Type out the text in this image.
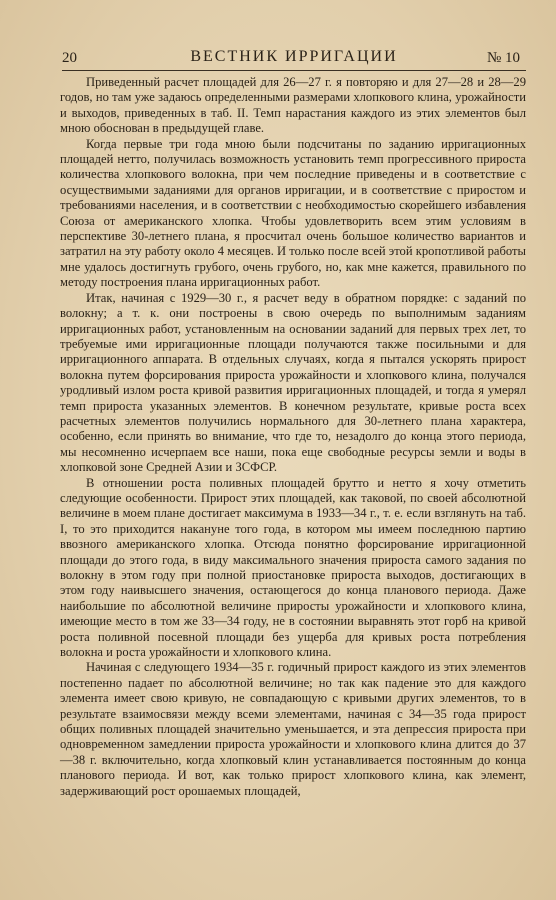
20	ВЕСТНИК ИРРИГАЦИИ	№ 10

Приведенный расчет площадей для 26—27 г. я повторяю и для 27—28 и 28—29 годов, но там уже задаюсь определенными размерами хлопкового клина, урожайности и выходов, приведенных в таб. II. Темп нарастания каждого из этих элементов был мною обоснован в предыдущей главе.

Когда первые три года мною были подсчитаны по заданию ирригационных площадей нетто, получилась возможность установить темп прогрессивного прироста количества хлопкового волокна, при чем последние приведены и в соответствие с осуществимыми заданиями для органов ирригации, и в соответствие с приростом и требованиями населения, и в соответствии с необходимостью скорейшего избавления Союза от американского хлопка. Чтобы удовлетворить всем этим условиям в перспективе 30-летнего плана, я просчитал очень большое количество вариантов и затратил на эту работу около 4 месяцев. И только после всей этой кропотливой работы мне удалось достигнуть грубого, очень грубого, но, как мне кажется, правильного по методу построения плана ирригационных работ.

Итак, начиная с 1929—30 г., я расчет веду в обратном порядке: с заданий по волокну; а т. к. они построены в свою очередь по выполнимым заданиям ирригационных работ, установленным на основании заданий для первых трех лет, то требуемые ими ирригационные площади получаются также посильными и для ирригационного аппарата. В отдельных случаях, когда я пытался ускорять прирост волокна путем форсирования прироста урожайности и хлопкового клина, получался уродливый излом роста кривой развития ирригационных площадей, и тогда я умерял темп прироста указанных элементов. В конечном результате, кривые роста всех расчетных элементов получились нормального для 30-летнего плана характера, особенно, если принять во внимание, что где то, незадолго до конца этого периода, мы несомненно исчерпаем все наши, пока еще свободные ресурсы земли и воды в хлопковой зоне Средней Азии и ЗСФСР.

В отношении роста поливных площадей брутто и нетто я хочу отметить следующие особенности. Прирост этих площадей, как таковой, по своей абсолютной величине в моем плане достигает максимума в 1933—34 г., т. е. если взглянуть на таб. I, то это приходится накануне того года, в котором мы имеем последнюю партию ввозного американского хлопка. Отсюда понятно форсирование ирригационной площади до этого года, в виду максимального значения прироста самого задания по волокну в этом году при полной приостановке прироста выходов, достигающих в этом году наивысшего значения, остающегося до конца планового периода. Даже наибольшие по абсолютной величине приросты урожайности и хлопкового клина, имеющие место в том же 33—34 году, не в состоянии выравнять этот горб на кривой роста поливной посевной площади без ущерба для кривых роста потребления волокна и роста урожайности и хлопкового клина.

Начиная с следующего 1934—35 г. годичный прирост каждого из этих элементов постепенно падает по абсолютной величине; но так как падение это для каждого элемента имеет свою кривую, не совпадающую с кривыми других элементов, то в результате взаимосвязи между всеми элементами, начиная с 34—35 года прирост общих поливных площадей значительно уменьшается, и эта депрессия прироста при одновременном замедлении прироста урожайности и хлопкового клина длится до 37—38 г. включительно, когда хлопковый клин устанавливается постоянным до конца планового периода. И вот, как только прирост хлопкового клина, как элемент, задерживающий рост орошаемых площадей,
